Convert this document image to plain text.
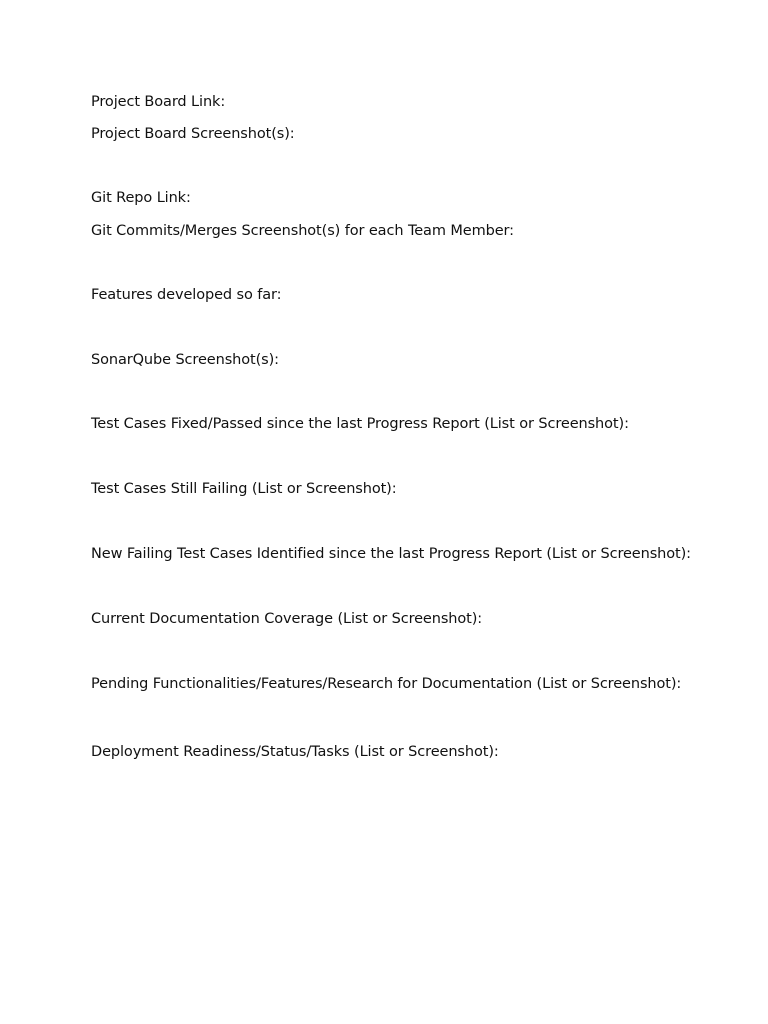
Project Board Link:
Project Board Screenshot(s):
Git Repo Link:
Git Commits/Merges Screenshot(s) for each Team Member:
Features developed so far:
SonarQube Screenshot(s):
Test Cases Fixed/Passed since the last Progress Report (List or Screenshot):
Test Cases Still Failing (List or Screenshot):
New Failing Test Cases Identified since the last Progress Report (List or Screenshot):
Current Documentation Coverage (List or Screenshot):
Pending Functionalities/Features/Research for Documentation (List or Screenshot):
Deployment Readiness/Status/Tasks (List or Screenshot):
